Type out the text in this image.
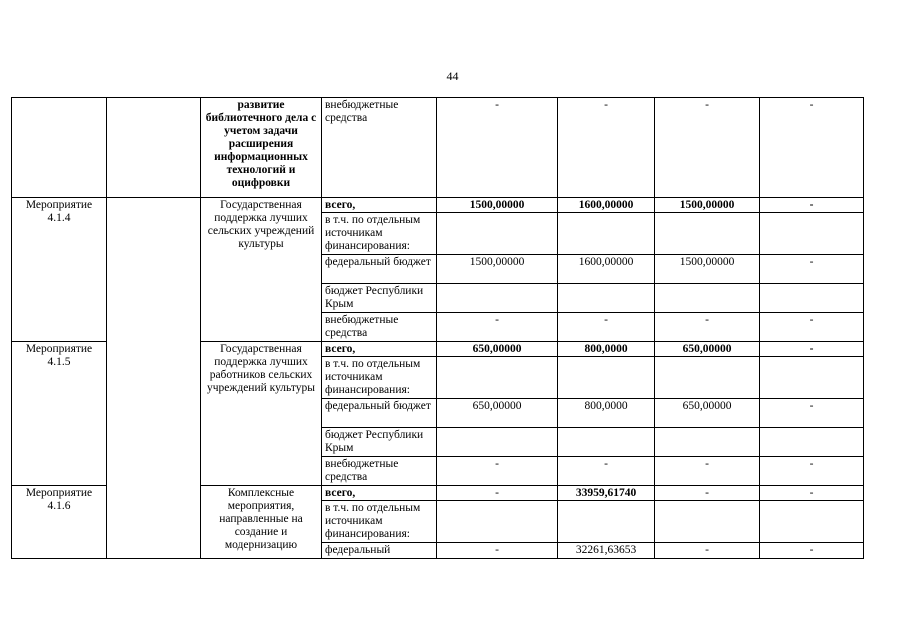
44
		развитие библиотечного дела с учетом задачи расширения информационных технологий и оцифровки	внебюджетные средства	-	-	-	-
Мероприятие 4.1.4		Государственная поддержка лучших сельских учреждений культуры	всего,	1500,00000	1600,00000	1500,00000	-
			в т.ч. по отдельным источникам финансирования:				
			федеральный бюджет	1500,00000	1600,00000	1500,00000	-
			бюджет Республики Крым				
			внебюджетные средства	-	-	-	-
Мероприятие 4.1.5		Государственная поддержка лучших работников сельских учреждений культуры	всего,	650,00000	800,0000	650,00000	-
			в т.ч. по отдельным источникам финансирования:				
			федеральный бюджет	650,00000	800,0000	650,00000	-
			бюджет Республики Крым				
			внебюджетные средства	-	-	-	-
Мероприятие 4.1.6		Комплексные мероприятия, направленные на создание и модернизацию	всего,	-	33959,61740	-	-
			в т.ч. по отдельным источникам финансирования:				
			федеральный	-	32261,63653	-	-
